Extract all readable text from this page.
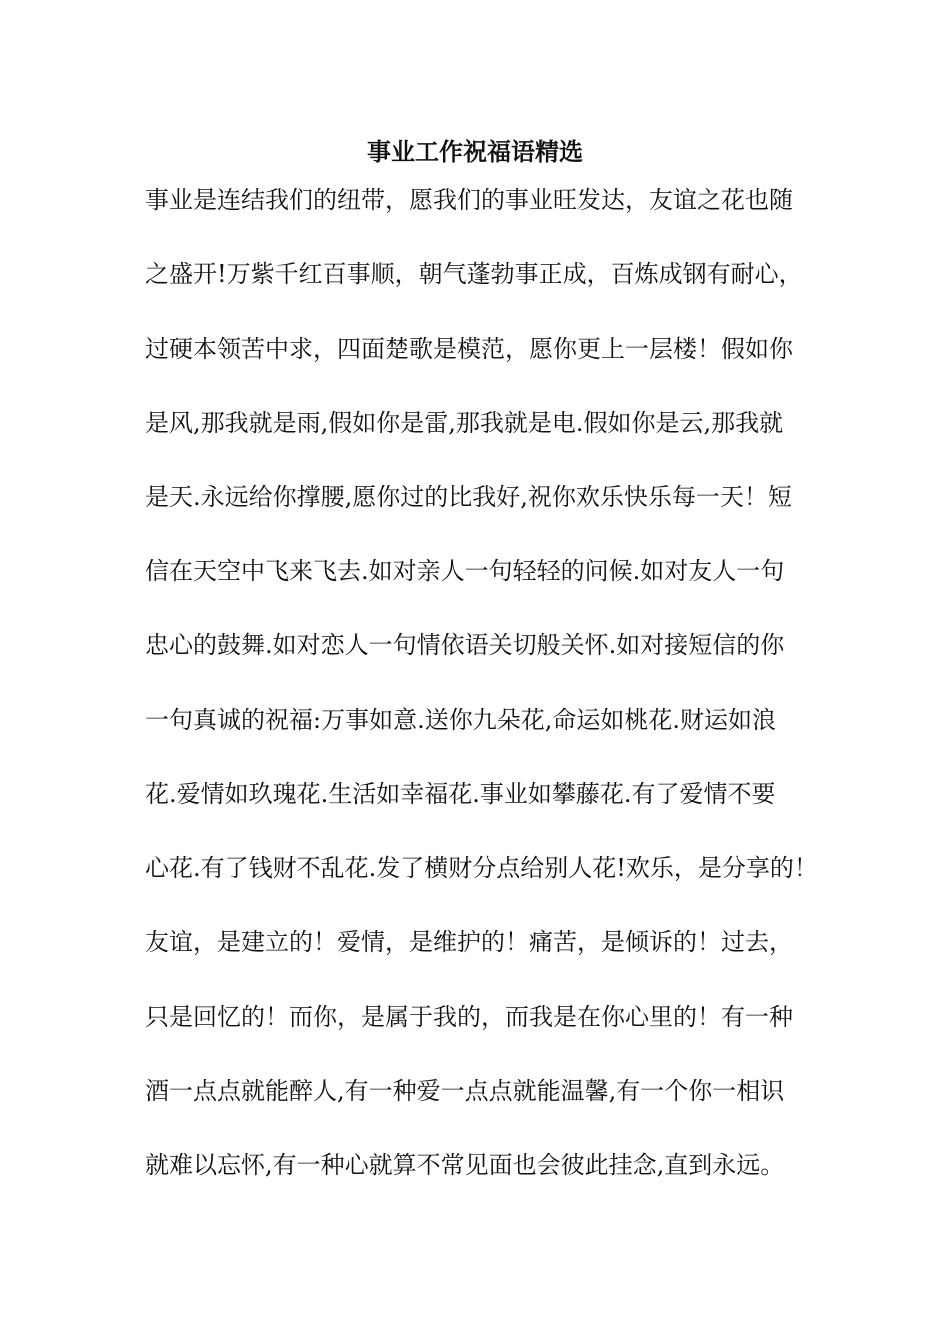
事业工作祝福语精选
事业是连结我们的纽带，愿我们的事业旺发达，友谊之花也随
之盛开!万紫千红百事顺，朝气蓬勃事正成，百炼成钢有耐心，
过硬本领苦中求，四面楚歌是模范，愿你更上一层楼！假如你
是风,那我就是雨,假如你是雷,那我就是电.假如你是云,那我就
是天.永远给你撑腰,愿你过的比我好,祝你欢乐快乐每一天！短
信在天空中飞来飞去.如对亲人一句轻轻的问候.如对友人一句
忠心的鼓舞.如对恋人一句情依语关切般关怀.如对接短信的你
一句真诚的祝福:万事如意.送你九朵花,命运如桃花.财运如浪
花.爱情如玖瑰花.生活如幸福花.事业如攀藤花.有了爱情不要
心花.有了钱财不乱花.发了横财分点给别人花!欢乐，是分享的！
友谊，是建立的！爱情，是维护的！痛苦，是倾诉的！过去，
只是回忆的！而你，是属于我的，而我是在你心里的！有一种
酒一点点就能醉人,有一种爱一点点就能温馨,有一个你一相识
就难以忘怀,有一种心就算不常见面也会彼此挂念,直到永远。
